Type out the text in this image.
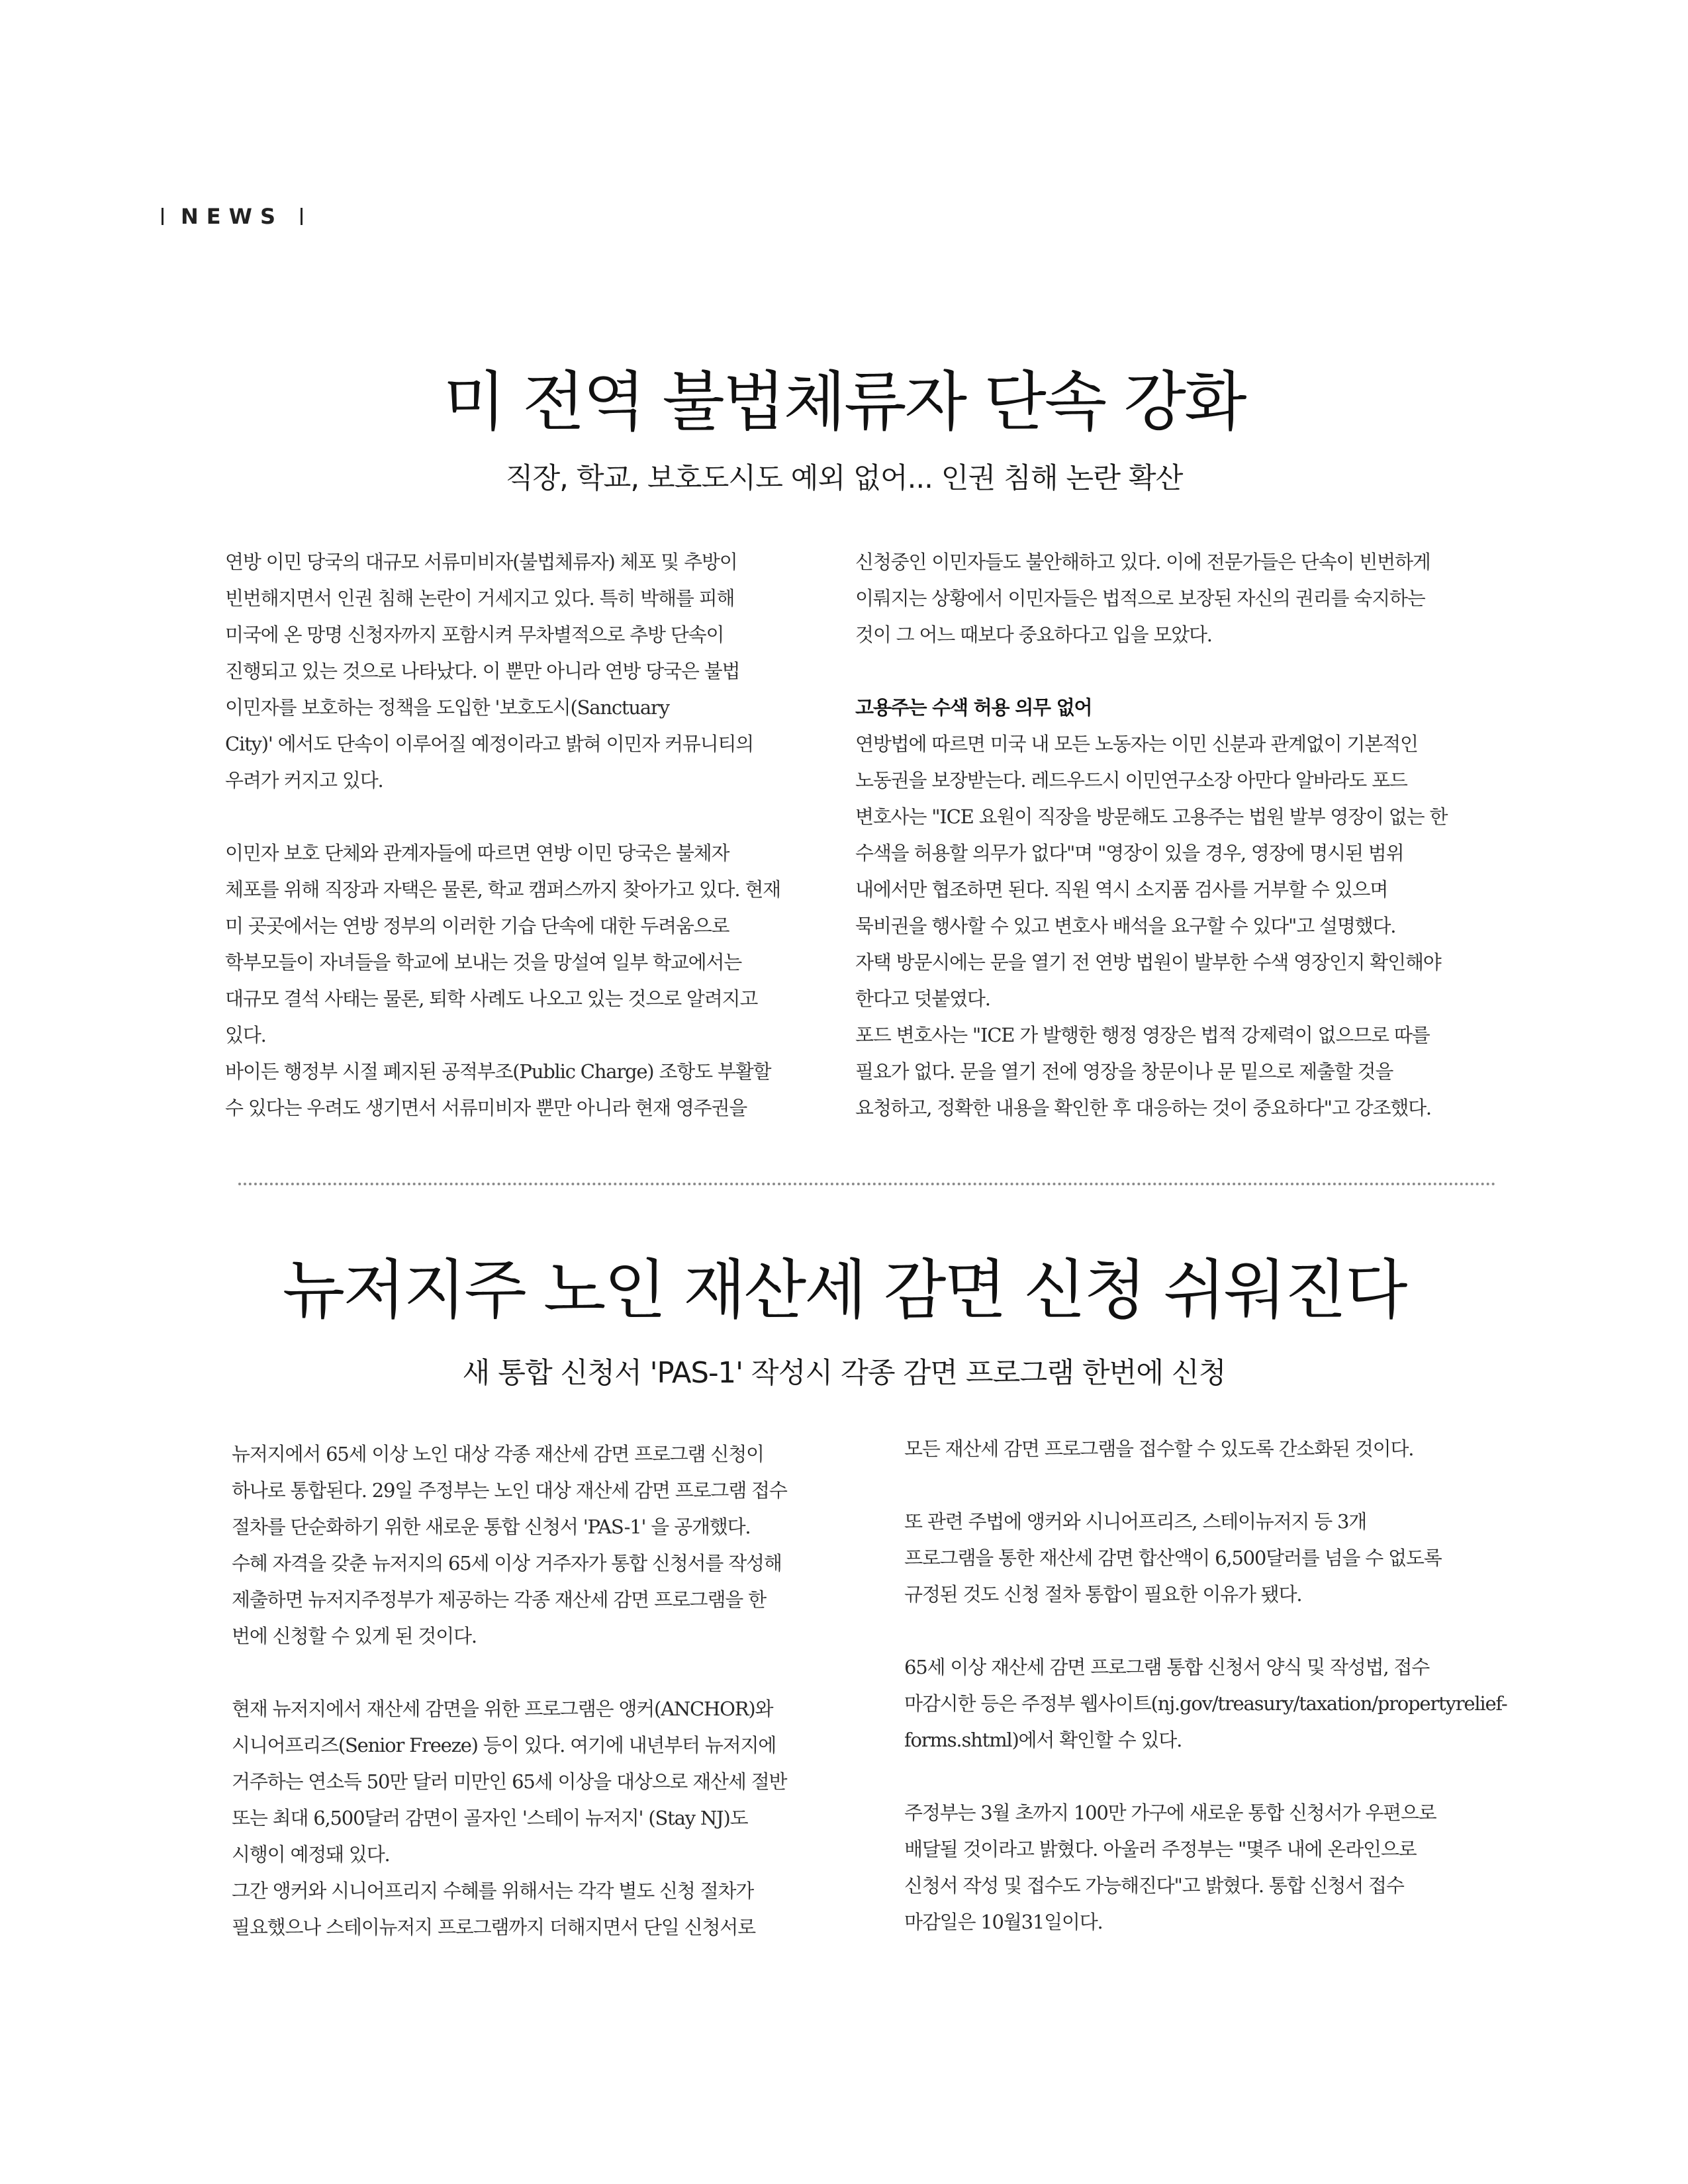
NEWS
미 전역 불법체류자 단속 강화
직장, 학교, 보호도시도 예외 없어... 인권 침해 논란 확산

연방 이민 당국의 대규모 서류미비자(불법체류자) 체포 및 추방이

빈번해지면서 인권 침해 논란이 거세지고 있다. 특히 박해를 피해

미국에 온 망명 신청자까지 포함시켜 무차별적으로 추방 단속이

진행되고 있는 것으로 나타났다. 이 뿐만 아니라 연방 당국은 불법

이민자를 보호하는 정책을 도입한 '보호도시(Sanctuary

City)' 에서도 단속이 이루어질 예정이라고 밝혀 이민자 커뮤니티의

우려가 커지고 있다.

이민자 보호 단체와 관계자들에 따르면 연방 이민 당국은 불체자

체포를 위해 직장과 자택은 물론, 학교 캠퍼스까지 찾아가고 있다. 현재

미 곳곳에서는 연방 정부의 이러한 기습 단속에 대한 두려움으로

학부모들이 자녀들을 학교에 보내는 것을 망설여 일부 학교에서는

대규모 결석 사태는 물론, 퇴학 사례도 나오고 있는 것으로 알려지고

있다.

바이든 행정부 시절 폐지된 공적부조(Public Charge) 조항도 부활할

수 있다는 우려도 생기면서 서류미비자 뿐만 아니라 현재 영주권을

신청중인 이민자들도 불안해하고 있다. 이에 전문가들은 단속이 빈번하게

이뤄지는 상황에서 이민자들은 법적으로 보장된 자신의 권리를 숙지하는

것이 그 어느 때보다 중요하다고 입을 모았다.

고용주는 수색 허용 의무 없어

연방법에 따르면 미국 내 모든 노동자는 이민 신분과 관계없이 기본적인

노동권을 보장받는다. 레드우드시 이민연구소장 아만다 알바라도 포드

변호사는 "ICE 요원이 직장을 방문해도 고용주는 법원 발부 영장이 없는 한

수색을 허용할 의무가 없다"며 "영장이 있을 경우, 영장에 명시된 범위

내에서만 협조하면 된다. 직원 역시 소지품 검사를 거부할 수 있으며

묵비권을 행사할 수 있고 변호사 배석을 요구할 수 있다"고 설명했다.

자택 방문시에는 문을 열기 전 연방 법원이 발부한 수색 영장인지 확인해야

한다고 덧붙였다.

포드 변호사는 "ICE 가 발행한 행정 영장은 법적 강제력이 없으므로 따를

필요가 없다. 문을 열기 전에 영장을 창문이나 문 밑으로 제출할 것을

요청하고, 정확한 내용을 확인한 후 대응하는 것이 중요하다"고 강조했다.

뉴저지주 노인 재산세 감면 신청 쉬워진다
새 통합 신청서 'PAS-1' 작성시 각종 감면 프로그램 한번에 신청

뉴저지에서 65세 이상 노인 대상 각종 재산세 감면 프로그램 신청이

하나로 통합된다. 29일 주정부는 노인 대상 재산세 감면 프로그램 접수

절차를 단순화하기 위한 새로운 통합 신청서 'PAS-1' 을 공개했다.

수혜 자격을 갖춘 뉴저지의 65세 이상 거주자가 통합 신청서를 작성해

제출하면 뉴저지주정부가 제공하는 각종 재산세 감면 프로그램을 한

번에 신청할 수 있게 된 것이다.

현재 뉴저지에서 재산세 감면을 위한 프로그램은 앵커(ANCHOR)와

시니어프리즈(Senior Freeze) 등이 있다. 여기에 내년부터 뉴저지에

거주하는 연소득 50만 달러 미만인 65세 이상을 대상으로 재산세 절반

또는 최대 6,500달러 감면이 골자인 '스테이 뉴저지' (Stay NJ)도

시행이 예정돼 있다.

그간 앵커와 시니어프리지 수혜를 위해서는 각각 별도 신청 절차가

필요했으나 스테이뉴저지 프로그램까지 더해지면서 단일 신청서로

모든 재산세 감면 프로그램을 접수할 수 있도록 간소화된 것이다.

또 관련 주법에 앵커와 시니어프리즈, 스테이뉴저지 등 3개

프로그램을 통한 재산세 감면 합산액이 6,500달러를 넘을 수 없도록

규정된 것도 신청 절차 통합이 필요한 이유가 됐다.

65세 이상 재산세 감면 프로그램 통합 신청서 양식 및 작성법, 접수

마감시한 등은 주정부 웹사이트(nj.gov/treasury/taxation/propertyrelief-

forms.shtml)에서 확인할 수 있다.

주정부는 3월 초까지 100만 가구에 새로운 통합 신청서가 우편으로

배달될 것이라고 밝혔다. 아울러 주정부는 "몇주 내에 온라인으로

신청서 작성 및 접수도 가능해진다"고 밝혔다. 통합 신청서 접수

마감일은 10월31일이다.
